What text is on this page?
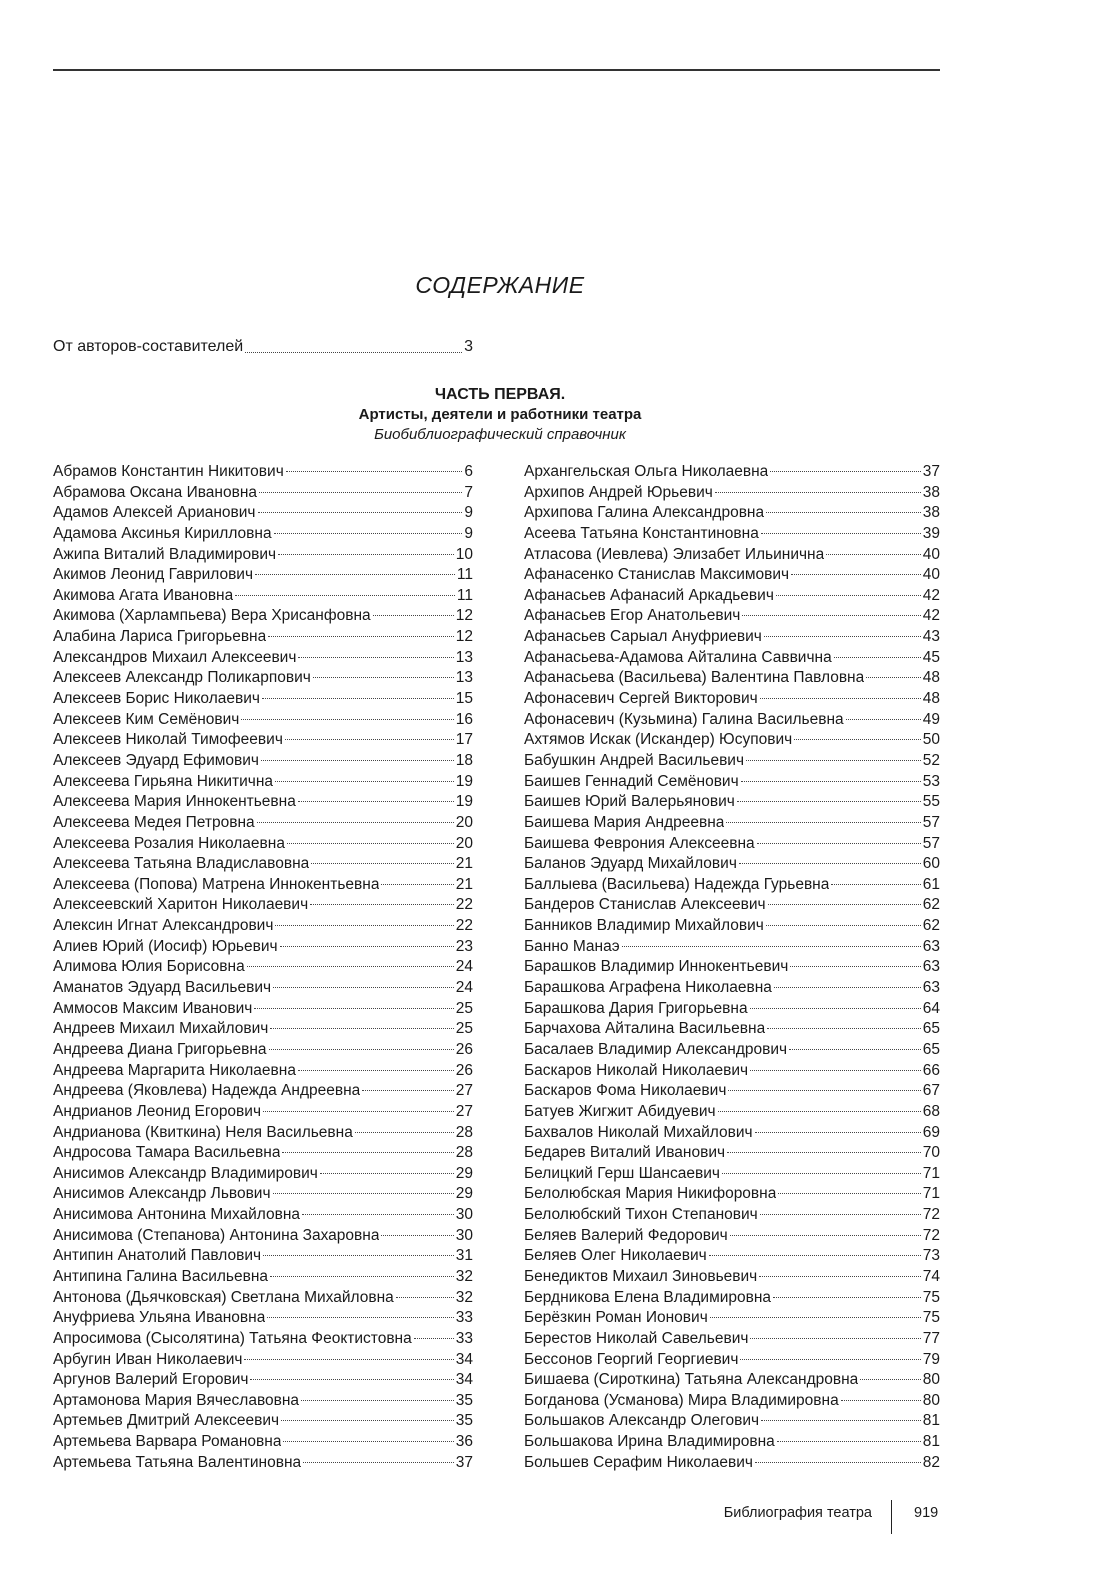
СОДЕРЖАНИЕ
От авторов-составителей	3
ЧАСТЬ ПЕРВАЯ.
Артисты, деятели и работники театра
Биобиблиографический справочник
Абрамов Константин Никитович	6
Абрамова Оксана Ивановна	7
Адамов Алексей Арианович	9
Адамова Аксинья Кирилловна	9
Ажипа Виталий Владимирович	10
Акимов Леонид Гаврилович	11
Акимова Агата Ивановна	11
Акимова (Харлампьева) Вера Хрисанфовна	12
Алабина Лариса Григорьевна	12
Александров Михаил Алексеевич	13
Алексеев Александр Поликарпович	13
Алексеев Борис Николаевич	15
Алексеев Ким Семёнович	16
Алексеев Николай Тимофеевич	17
Алексеев Эдуард Ефимович	18
Алексеева Гирьяна Никитична	19
Алексеева Мария Иннокентьевна	19
Алексеева Медея Петровна	20
Алексеева Розалия Николаевна	20
Алексеева Татьяна Владиславовна	21
Алексеева (Попова) Матрена Иннокентьевна	21
Алексеевский Харитон Николаевич	22
Алексин Игнат Александрович	22
Алиев Юрий (Иосиф) Юрьевич	23
Алимова Юлия Борисовна	24
Аманатов Эдуард Васильевич	24
Аммосов Максим Иванович	25
Андреев Михаил Михайлович	25
Андреева Диана Григорьевна	26
Андреева Маргарита Николаевна	26
Андреева (Яковлева) Надежда Андреевна	27
Андрианов Леонид Егорович	27
Андрианова (Квиткина) Неля Васильевна	28
Андросова Тамара Васильевна	28
Анисимов Александр Владимирович	29
Анисимов Александр Львович	29
Анисимова Антонина Михайловна	30
Анисимова (Степанова) Антонина Захаровна	30
Антипин Анатолий Павлович	31
Антипина Галина Васильевна	32
Антонова (Дьячковская) Светлана Михайловна	32
Ануфриева Ульяна Ивановна	33
Апросимова (Сысолятина) Татьяна Феоктистовна	33
Арбугин Иван Николаевич	34
Аргунов Валерий Егорович	34
Артамонова Мария Вячеславовна	35
Артемьев Дмитрий Алексеевич	35
Артемьева Варвара Романовна	36
Артемьева Татьяна Валентиновна	37
Архангельская Ольга Николаевна	37
Архипов Андрей Юрьевич	38
Архипова Галина Александровна	38
Асеева Татьяна Константиновна	39
Атласова (Иевлева) Элизабет Ильинична	40
Афанасенко Станислав Максимович	40
Афанасьев Афанасий Аркадьевич	42
Афанасьев Егор Анатольевич	42
Афанасьев Сарыал Ануфриевич	43
Афанасьева-Адамова Айталина Саввична	45
Афанасьева (Васильева) Валентина Павловна	48
Афонасевич Сергей Викторович	48
Афонасевич (Кузьмина) Галина Васильевна	49
Ахтямов Искак (Искандер) Юсупович	50
Бабушкин Андрей Васильевич	52
Баишев Геннадий Семёнович	53
Баишев Юрий Валерьянович	55
Баишева Мария Андреевна	57
Баишева Феврония Алексеевна	57
Баланов Эдуард Михайлович	60
Баллыева (Васильева) Надежда Гурьевна	61
Бандеров Станислав Алексеевич	62
Банников Владимир Михайлович	62
Банно Манаэ	63
Барашков Владимир Иннокентьевич	63
Барашкова Аграфена Николаевна	63
Барашкова Дария Григорьевна	64
Барчахова Айталина Васильевна	65
Басалаев Владимир Александрович	65
Баскаров Николай Николаевич	66
Баскаров Фома Николаевич	67
Батуев Жигжит Абидуевич	68
Бахвалов Николай Михайлович	69
Бедарев Виталий Иванович	70
Белицкий Герш Шансаевич	71
Белолюбская Мария Никифоровна	71
Белолюбский Тихон Степанович	72
Беляев Валерий Федорович	72
Беляев Олег Николаевич	73
Бенедиктов Михаил Зиновьевич	74
Бердникова Елена Владимировна	75
Берёзкин Роман Ионович	75
Берестов Николай Савельевич	77
Бессонов Георгий Георгиевич	79
Бишаева (Сироткина) Татьяна Александровна	80
Богданова (Усманова) Мира Владимировна	80
Большаков Александр Олегович	81
Большакова Ирина Владимировна	81
Большев Серафим Николаевич	82
Библиография театра	919
